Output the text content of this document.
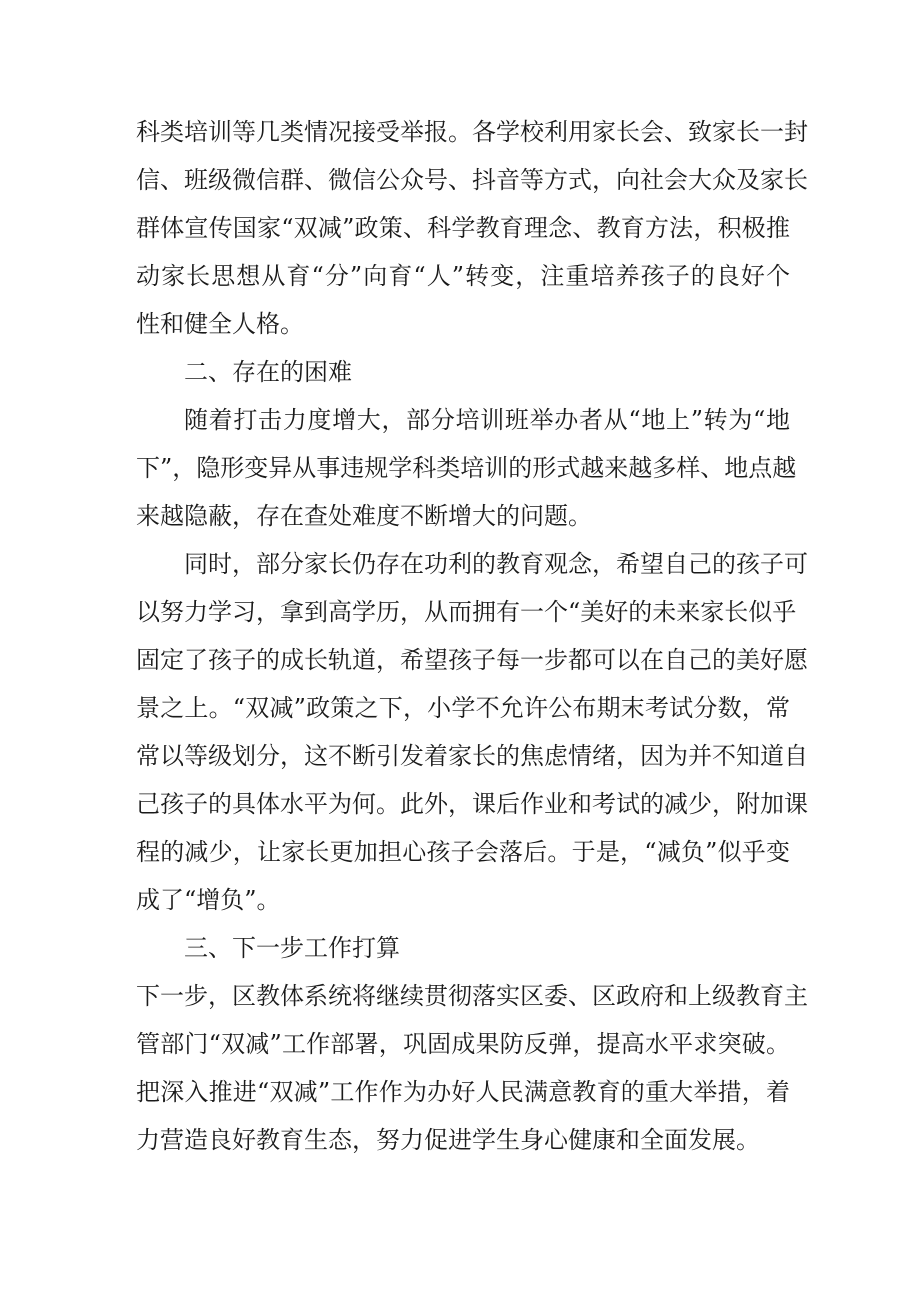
科类培训等几类情况接受举报。各学校利用家长会、致家长一封
信、班级微信群、微信公众号、抖音等方式，向社会大众及家长
群体宣传国家“双减”政策、科学教育理念、教育方法，积极推
动家长思想从育“分”向育“人”转变，注重培养孩子的良好个
性和健全人格。
二、存在的困难
随着打击力度增大，部分培训班举办者从“地上”转为“地
下”，隐形变异从事违规学科类培训的形式越来越多样、地点越
来越隐蔽，存在查处难度不断增大的问题。
同时，部分家长仍存在功利的教育观念，希望自己的孩子可
以努力学习，拿到高学历，从而拥有一个“美好的未来家长似乎
固定了孩子的成长轨道，希望孩子每一步都可以在自己的美好愿
景之上。“双减”政策之下，小学不允许公布期末考试分数，常
常以等级划分，这不断引发着家长的焦虑情绪，因为并不知道自
己孩子的具体水平为何。此外，课后作业和考试的减少，附加课
程的减少，让家长更加担心孩子会落后。于是，“减负”似乎变
成了“增负”。
三、下一步工作打算
下一步，区教体系统将继续贯彻落实区委、区政府和上级教育主
管部门“双减”工作部署，巩固成果防反弹，提高水平求突破。
把深入推进“双减”工作作为办好人民满意教育的重大举措，着
力营造良好教育生态，努力促进学生身心健康和全面发展。
